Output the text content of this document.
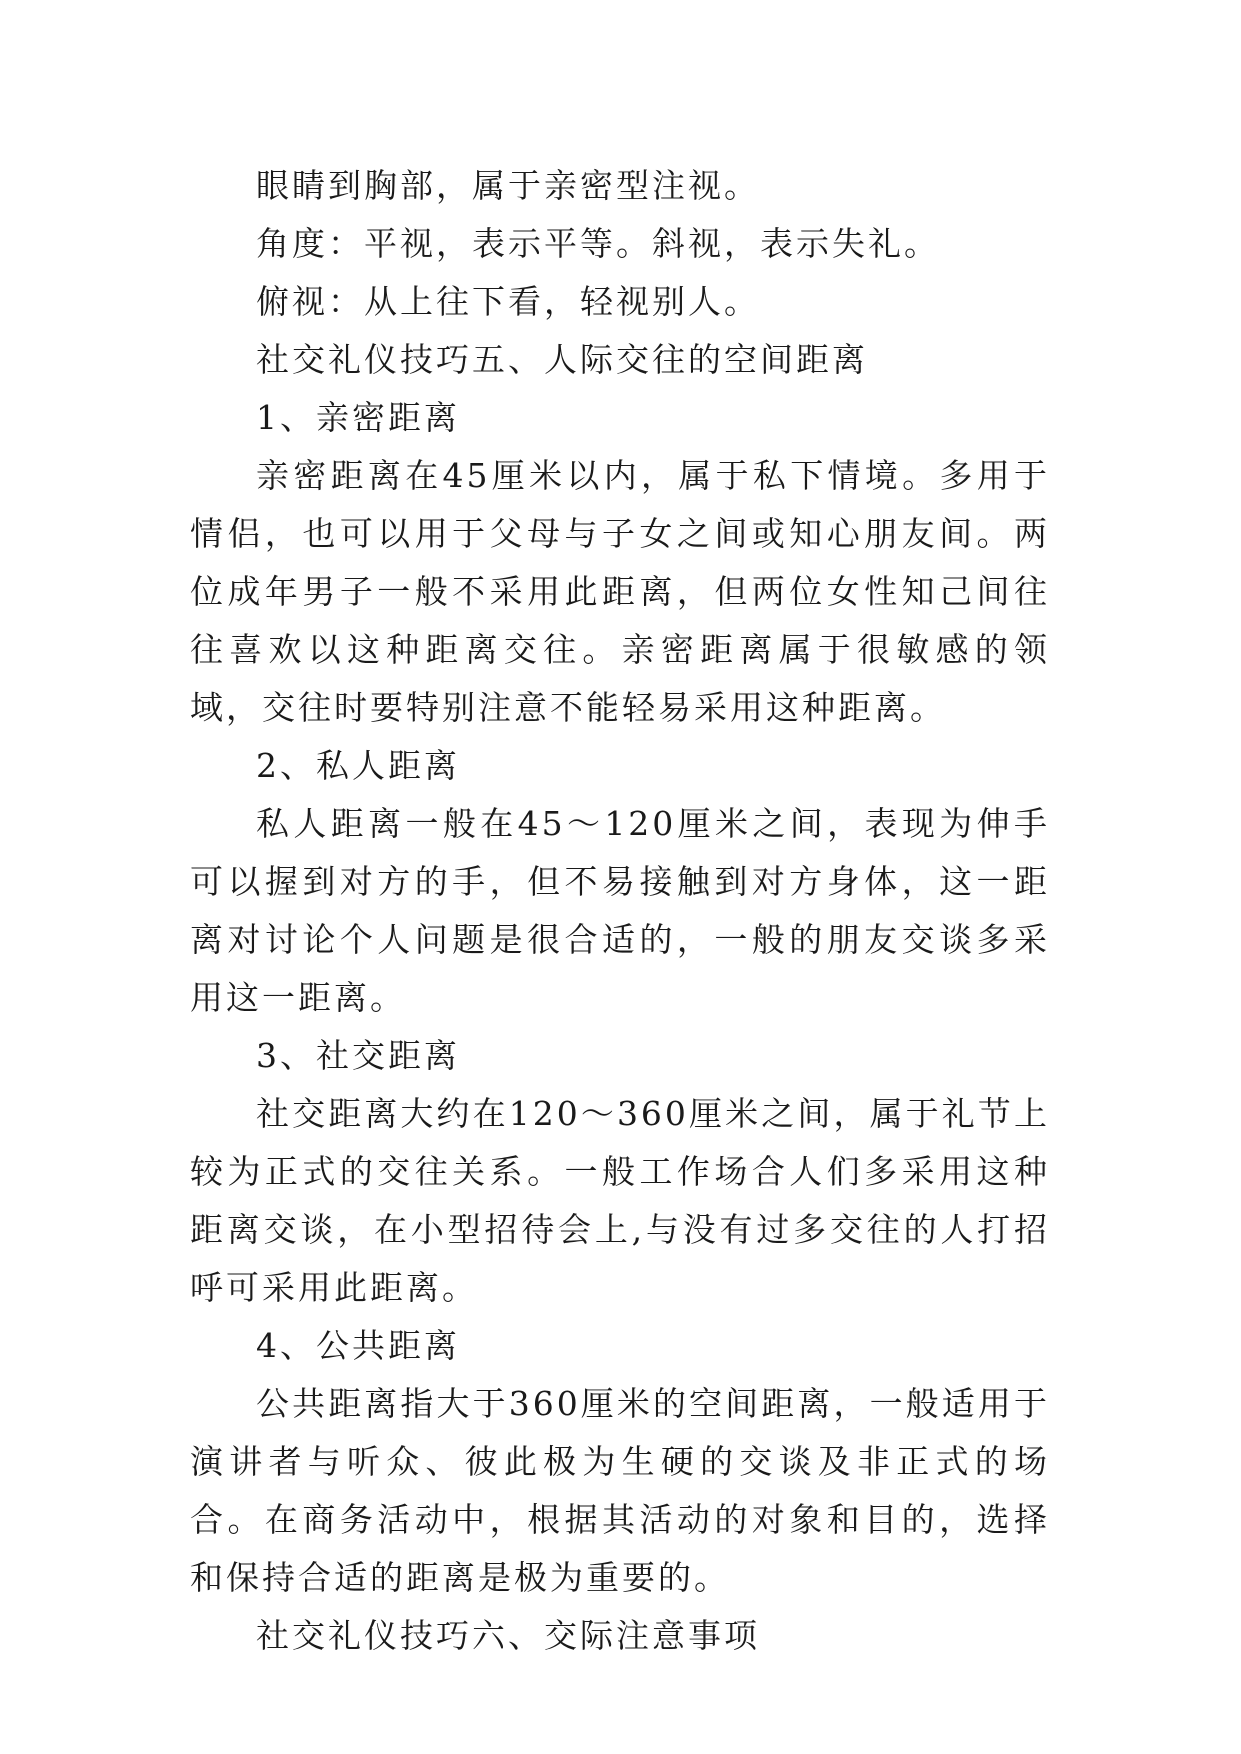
眼睛到胸部，属于亲密型注视。

角度：平视，表示平等。斜视，表示失礼。

俯视：从上往下看，轻视别人。

社交礼仪技巧五、人际交往的空间距离

1、亲密距离

亲密距离在45厘米以内，属于私下情境。多用于情侣，也可以用于父母与子女之间或知心朋友间。两位成年男子一般不采用此距离，但两位女性知己间往往喜欢以这种距离交往。亲密距离属于很敏感的领域，交往时要特别注意不能轻易采用这种距离。

2、私人距离

私人距离一般在45～120厘米之间，表现为伸手可以握到对方的手，但不易接触到对方身体，这一距离对讨论个人问题是很合适的，一般的朋友交谈多采用这一距离。

3、社交距离

社交距离大约在120～360厘米之间，属于礼节上较为正式的交往关系。一般工作场合人们多采用这种距离交谈，在小型招待会上,与没有过多交往的人打招呼可采用此距离。

4、公共距离

公共距离指大于360厘米的空间距离，一般适用于演讲者与听众、彼此极为生硬的交谈及非正式的场合。在商务活动中，根据其活动的对象和目的，选择和保持合适的距离是极为重要的。

社交礼仪技巧六、交际注意事项
